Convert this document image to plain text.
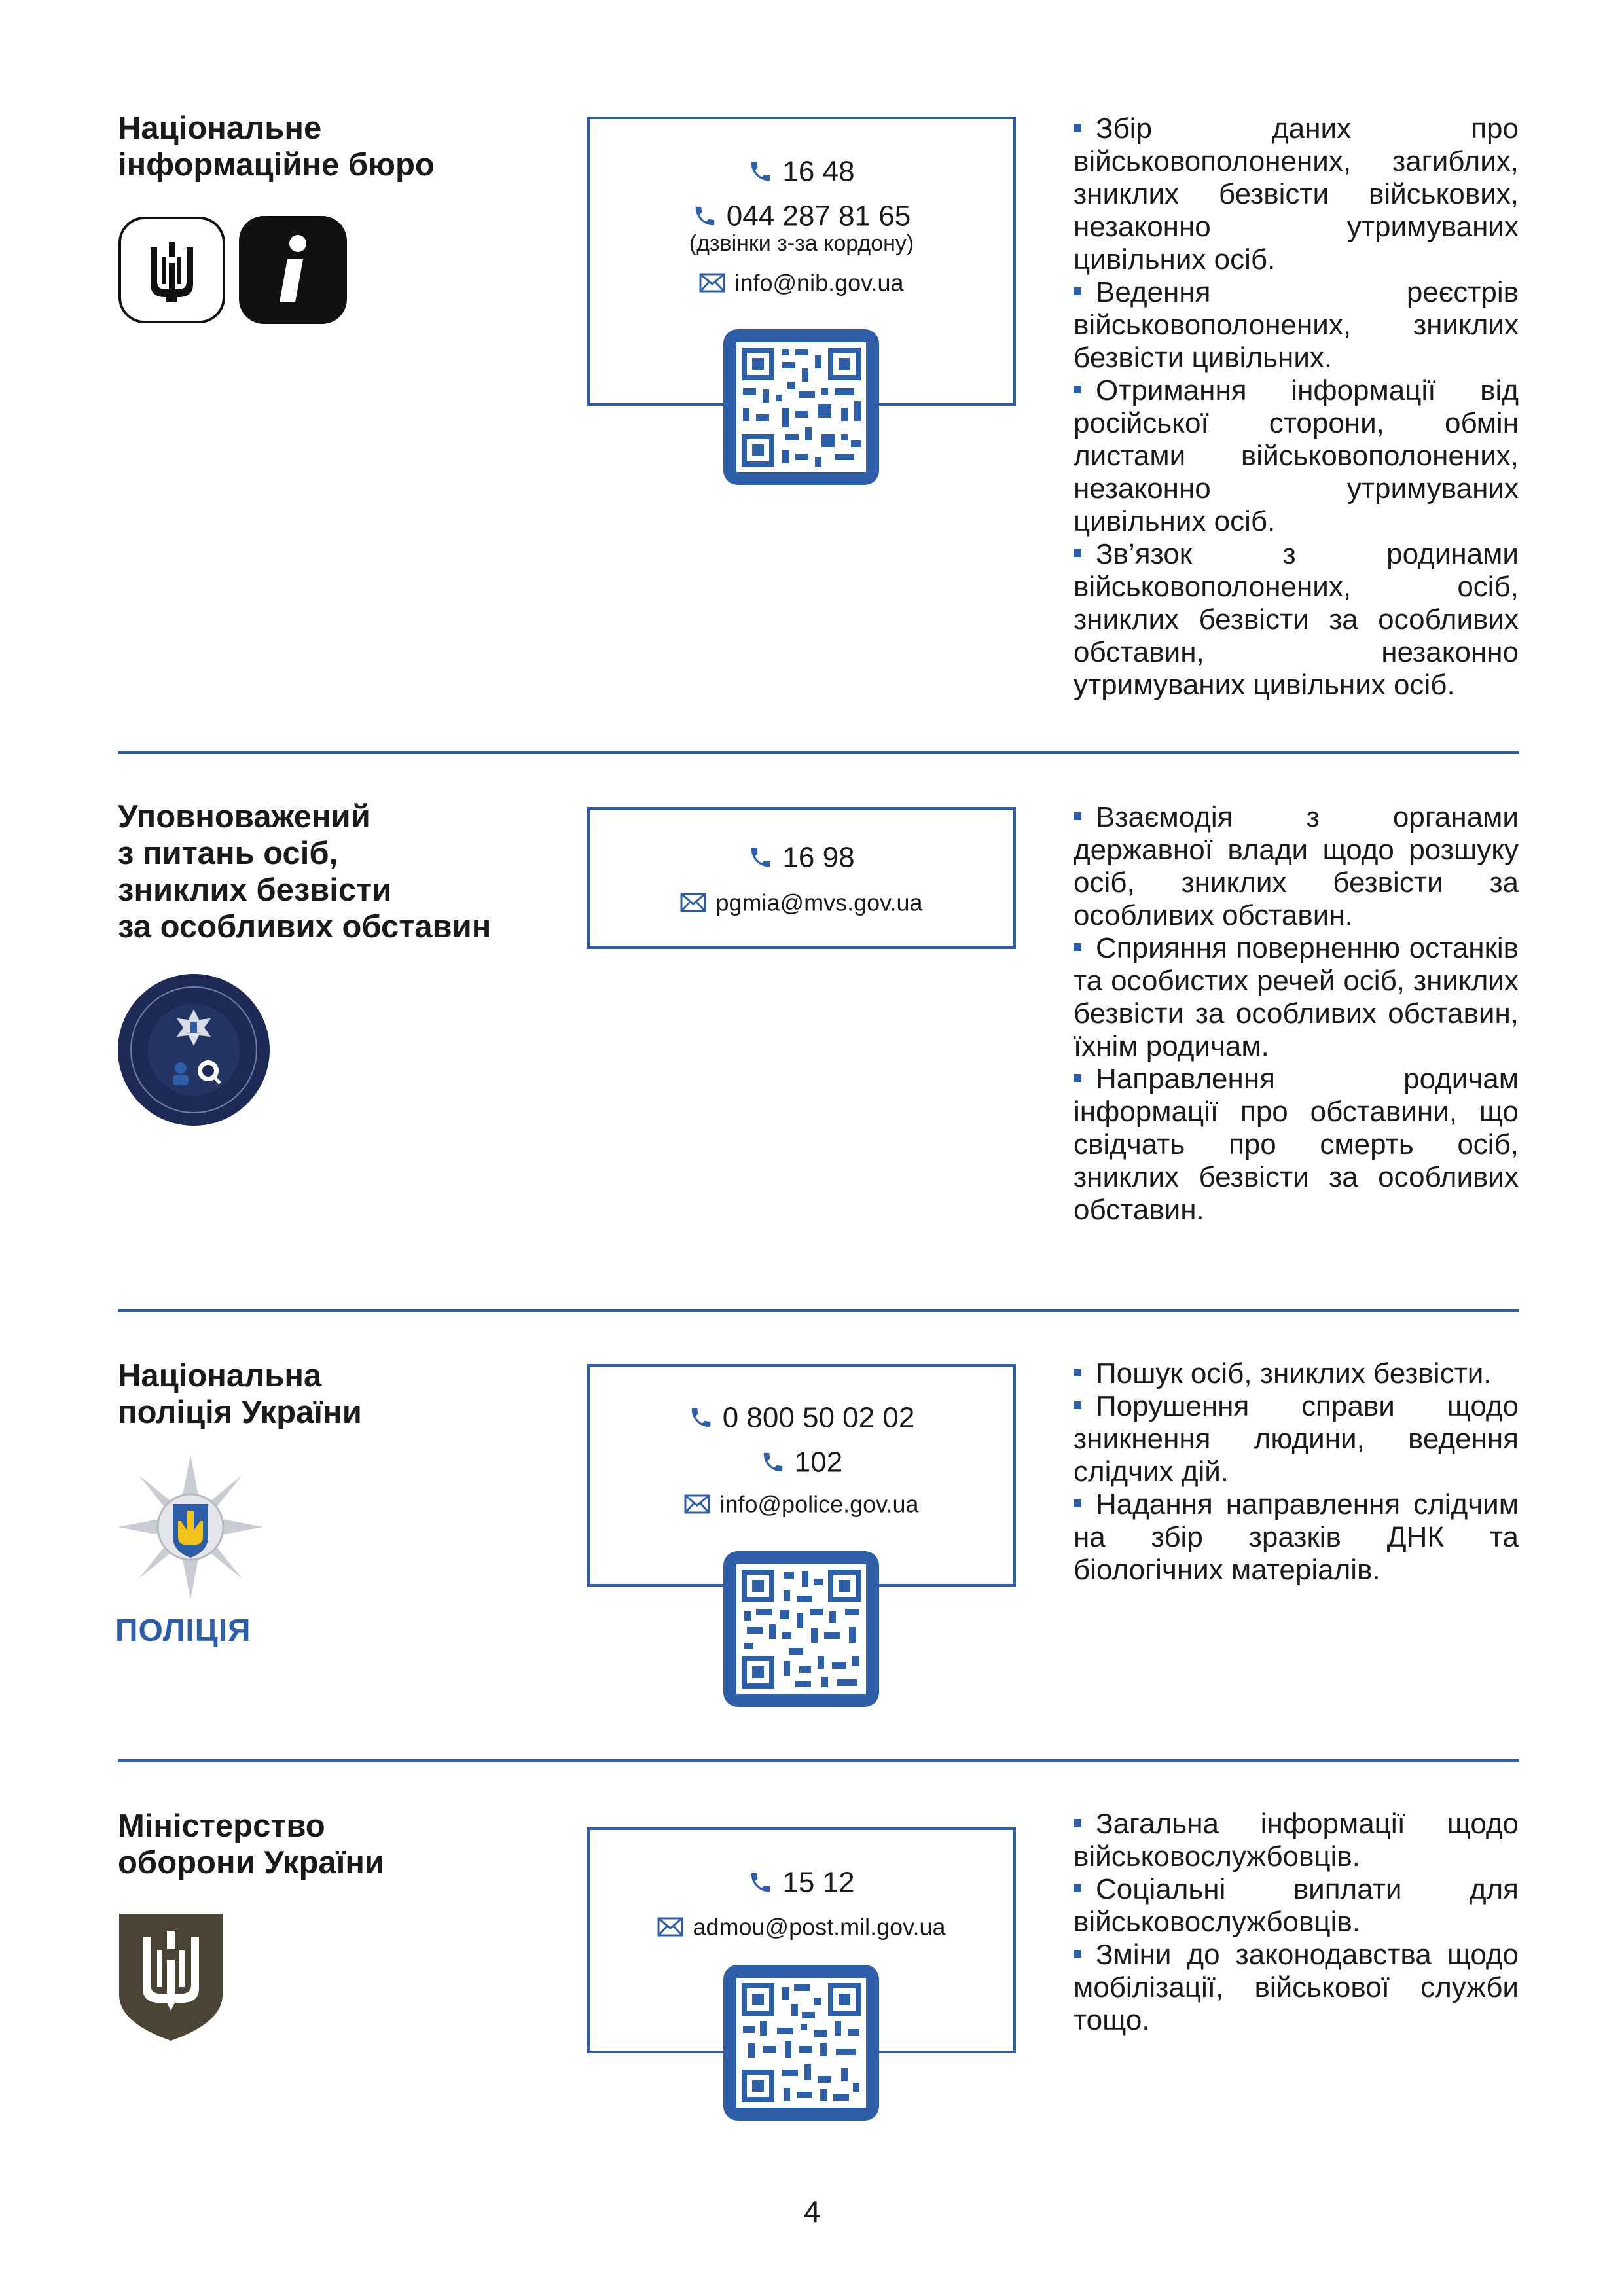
Національне
інформаційне бюро	16 48
044 287 81 65
(дзвінки з-за кордону)
info@nib.gov.ua
Збір даних про військовополонених, загиблих, зниклих безвісти військових, незаконно утримуваних цивільних осіб.
Ведення реєстрів військовополонених, зниклих безвісти цивільних.
Отримання інформації від російської сторони, обмін листами військовополонених, незаконно утримуваних цивільних осіб.
Зв’язок з родинами військовополонених, осіб, зниклих безвісти за особливих обставин, незаконно утримуваних цивільних осіб.
Уповноважений
з питань осіб,
зниклих безвісти
за особливих обставин
16 98
pgmia@mvs.gov.ua
Взаємодія з органами державної влади щодо розшуку осіб, зниклих безвісти за особливих обставин.
Сприяння поверненню останків та особистих речей осіб, зниклих безвісти за особливих обставин, їхнім родичам.
Направлення родичам інформації про обставини, що свідчать про смерть осіб, зниклих безвісти за особливих обставин.
Національна
поліція України
ПОЛІЦІЯ
0 800 50 02 02
102
info@police.gov.ua
Пошук осіб, зниклих безвісти.
Порушення справи щодо зникнення людини, ведення слідчих дій.
Надання направлення слідчим на збір зразків ДНК та біологічних матеріалів.
Міністерство
оборони України
15 12
admou@post.mil.gov.ua
Загальна інформації щодо військовослужбовців.
Соціальні виплати для військовослужбовців.
Зміни до законодавства щодо мобілізації, військової служби тощо.
4
